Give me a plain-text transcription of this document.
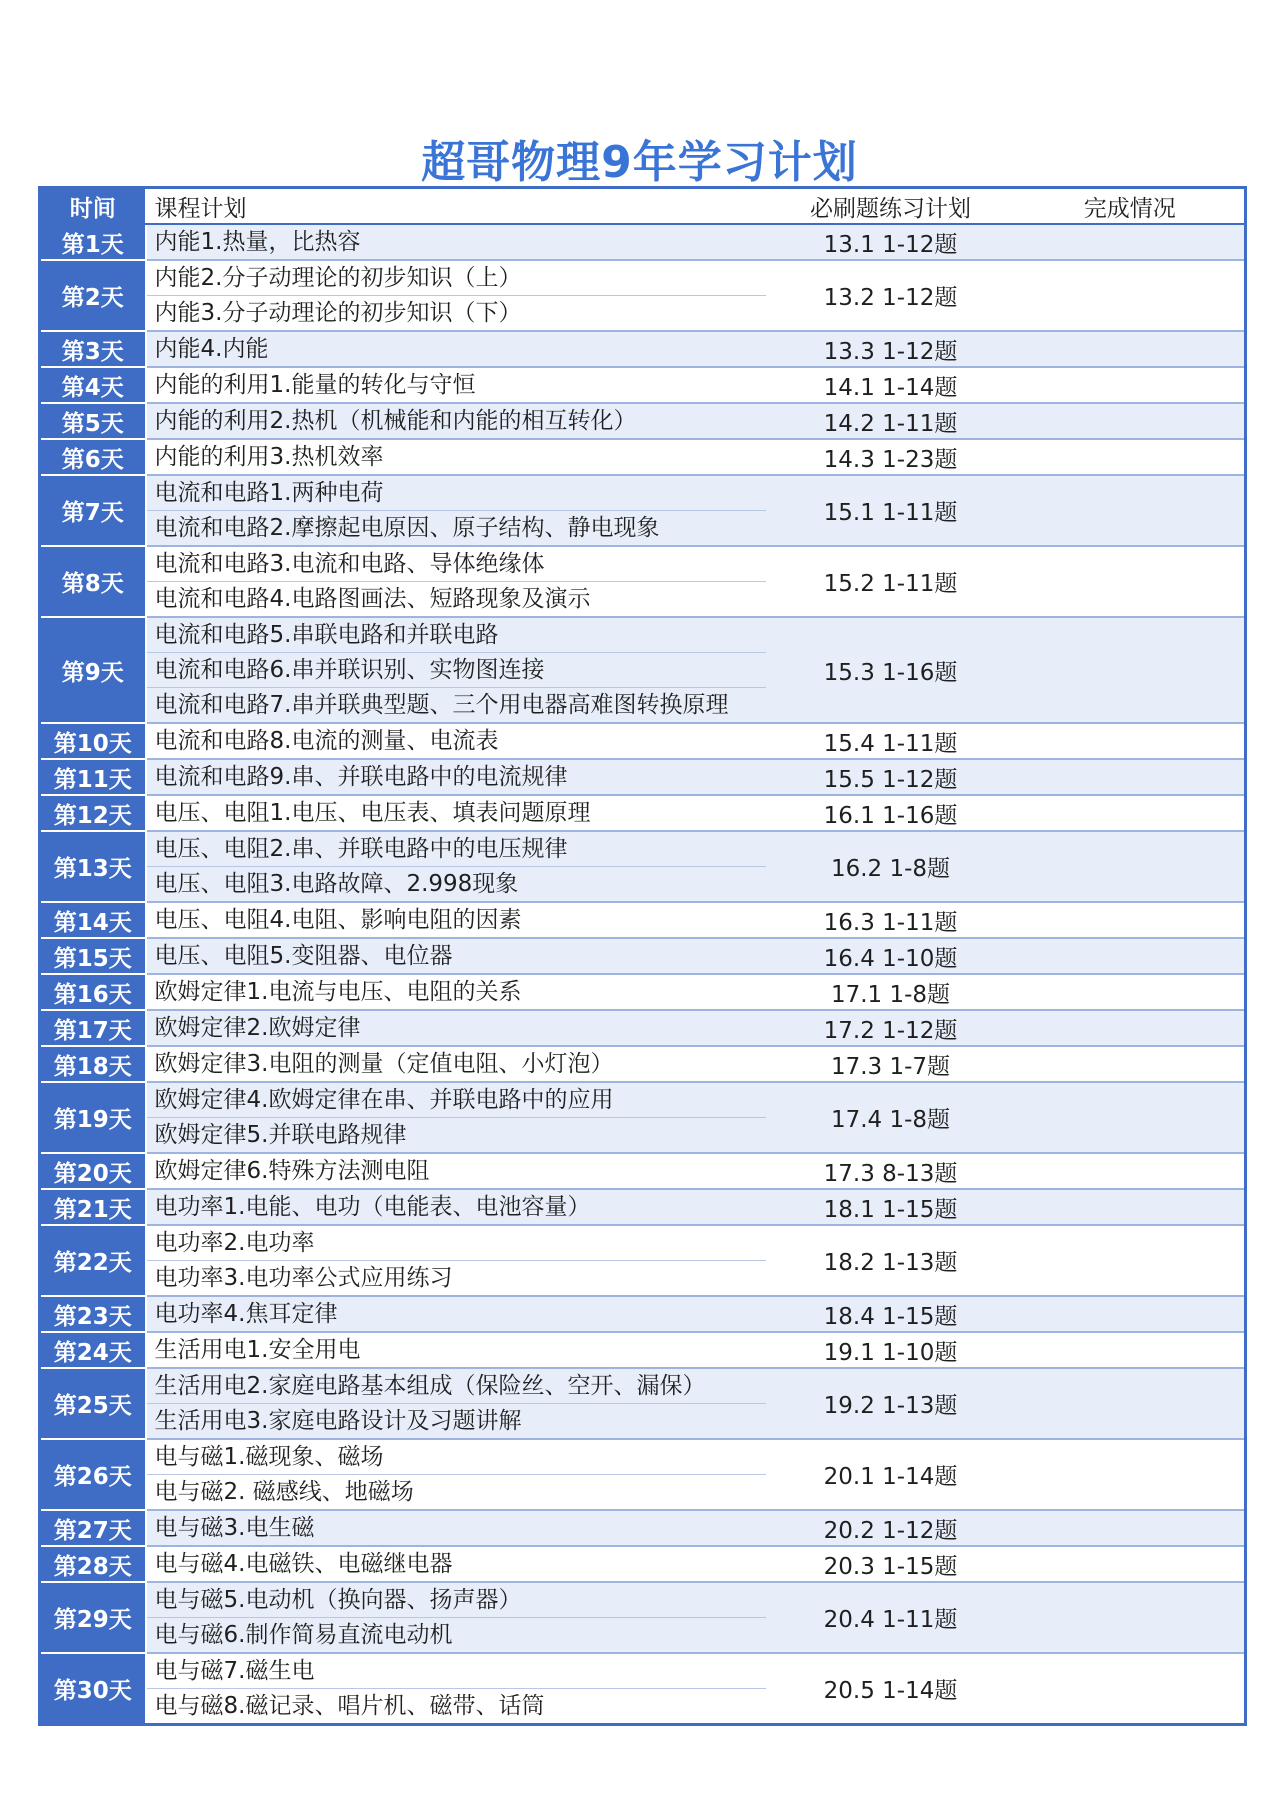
超哥物理9年学习计划
时间	课程计划	必刷题练习计划	完成情况
第1天	内能1.热量，比热容	13.1 1-12题	
第2天	内能2.分子动理论的初步知识（上）
内能3.分子动理论的初步知识（下）	13.2 1-12题	
第3天	内能4.内能	13.3 1-12题	
第4天	内能的利用1.能量的转化与守恒	14.1 1-14题	
第5天	内能的利用2.热机（机械能和内能的相互转化）	14.2 1-11题	
第6天	内能的利用3.热机效率	14.3 1-23题	
第7天	电流和电路1.两种电荷
电流和电路2.摩擦起电原因、原子结构、静电现象	15.1 1-11题	
第8天	电流和电路3.电流和电路、导体绝缘体
电流和电路4.电路图画法、短路现象及演示	15.2 1-11题	
第9天	电流和电路5.串联电路和并联电路
电流和电路6.串并联识别、实物图连接
电流和电路7.串并联典型题、三个用电器高难图转换原理	15.3 1-16题	
第10天	电流和电路8.电流的测量、电流表	15.4 1-11题	
第11天	电流和电路9.串、并联电路中的电流规律	15.5 1-12题	
第12天	电压、电阻1.电压、电压表、填表问题原理	16.1 1-16题	
第13天	电压、电阻2.串、并联电路中的电压规律
电压、电阻3.电路故障、2.998现象	16.2 1-8题	
第14天	电压、电阻4.电阻、影响电阻的因素	16.3 1-11题	
第15天	电压、电阻5.变阻器、电位器	16.4 1-10题	
第16天	欧姆定律1.电流与电压、电阻的关系	17.1 1-8题	
第17天	欧姆定律2.欧姆定律	17.2 1-12题	
第18天	欧姆定律3.电阻的测量（定值电阻、小灯泡）	17.3 1-7题	
第19天	欧姆定律4.欧姆定律在串、并联电路中的应用
欧姆定律5.并联电路规律	17.4 1-8题	
第20天	欧姆定律6.特殊方法测电阻	17.3 8-13题	
第21天	电功率1.电能、电功（电能表、电池容量）	18.1 1-15题	
第22天	电功率2.电功率
电功率3.电功率公式应用练习	18.2 1-13题	
第23天	电功率4.焦耳定律	18.4 1-15题	
第24天	生活用电1.安全用电	19.1 1-10题	
第25天	生活用电2.家庭电路基本组成（保险丝、空开、漏保）
生活用电3.家庭电路设计及习题讲解	19.2 1-13题	
第26天	电与磁1.磁现象、磁场
电与磁2. 磁感线、地磁场	20.1 1-14题	
第27天	电与磁3.电生磁	20.2 1-12题	
第28天	电与磁4.电磁铁、电磁继电器	20.3 1-15题	
第29天	电与磁5.电动机（换向器、扬声器）
电与磁6.制作简易直流电动机	20.4 1-11题	
第30天	电与磁7.磁生电
电与磁8.磁记录、唱片机、磁带、话筒	20.5 1-14题	
